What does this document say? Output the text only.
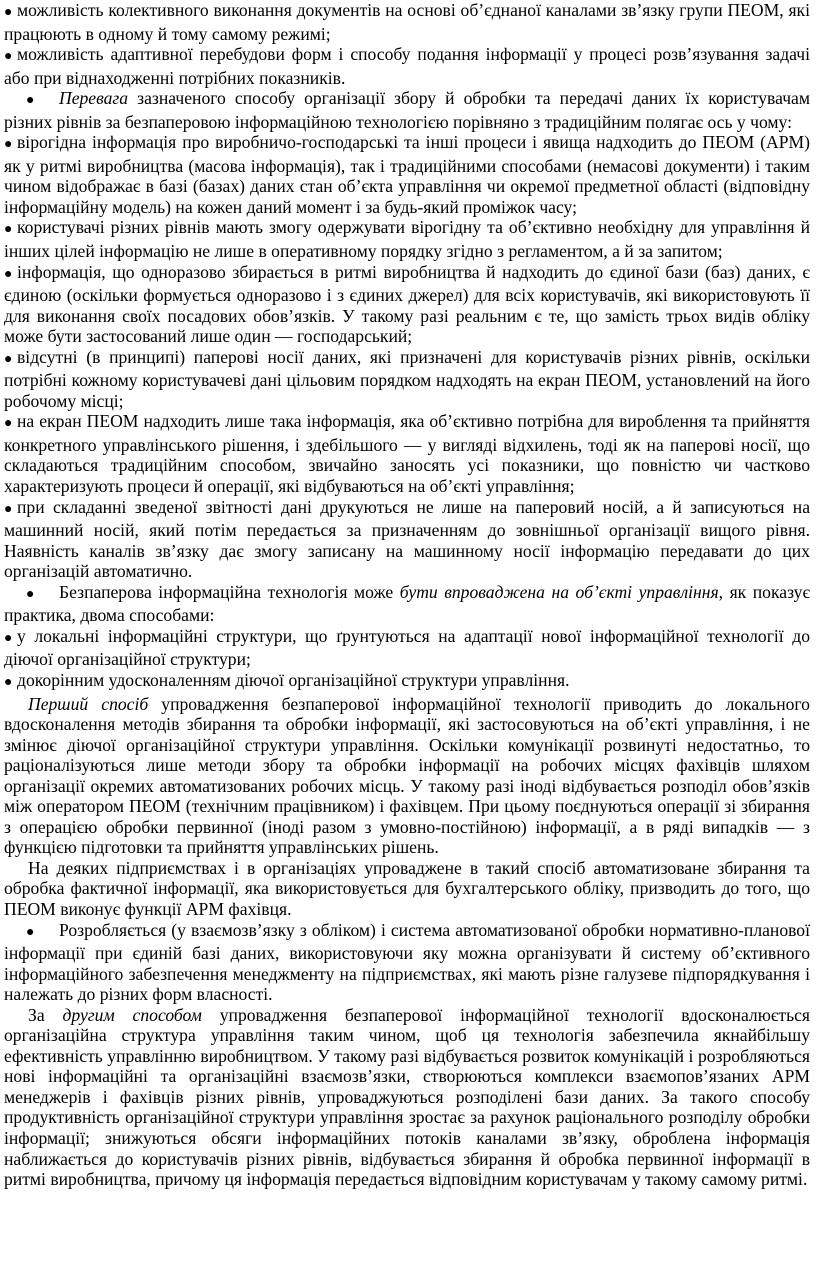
● можливість колективного виконання документів на основі об’єднаної каналами зв’язку групи ПЕОМ, які працюють в одному й тому самому режимі;

● можливість адаптивної перебудови форм і способу подання інформації у процесі розв’язування задачі або при віднаходженні потрібних показників.

● Перевага зазначеного способу організації збору й обробки та передачі даних їх користувачам різних рівнів за безпаперовою інформаційною технологією порівняно з традиційним полягає ось у чому:

● вірогідна інформація про виробничо-господарські та інші процеси і явища надходить до ПЕОМ (АРМ) як у ритмі виробництва (масова інформація), так і традиційними способами (немасові документи) і таким чином відображає в базі (базах) даних стан об’єкта управління чи окремої предметної області (відповідну інформаційну модель) на кожен даний момент і за будь-який проміжок часу;

● користувачі різних рівнів мають змогу одержувати вірогідну та об’єктивно необхідну для управління й інших цілей інформацію не лише в оперативному порядку згідно з регламентом, а й за запитом;

● інформація, що одноразово збирається в ритмі виробництва й надходить до єдиної бази (баз) даних, є єдиною (оскільки формується одноразово і з єдиних джерел) для всіх користувачів, які використовують її для виконання своїх посадових обов’язків. У такому разі реальним є те, що замість трьох видів обліку може бути застосований лише один — господарський;

● відсутні (в принципі) паперові носії даних, які призначені для користувачів різних рівнів, оскільки потрібні кожному користувачеві дані цільовим порядком надходять на екран ПЕОМ, установлений на його робочому місці;

● на екран ПЕОМ надходить лише така інформація, яка об’єктивно потрібна для вироблення та прийняття конкретного управлінського рішення, і здебільшого — у вигляді відхилень, тоді як на паперові носії, що складаються традиційним способом, звичайно заносять усі показники, що повністю чи частково характеризують процеси й операції, які відбуваються на об’єкті управління;

● при складанні зведеної звітності дані друкуються не лише на паперовий носій, а й записуються на машинний носій, який потім передається за призначенням до зовнішньої організації вищого рівня. Наявність каналів зв’язку дає змогу записану на машинному носії інформацію передавати до цих організацій автоматично.

● Безпаперова інформаційна технологія може бути впроваджена на об’єкті управління, як показує практика, двома способами:

● у локальні інформаційні структури, що ґрунтуються на адаптації нової інформаційної технології до діючої організаційної структури;

● докорінним удосконаленням діючої організаційної структури управління.

Перший спосіб упровадження безпаперової інформаційної технології приводить до локального вдосконалення методів збирання та обробки інформації, які застосовуються на об’єкті управління, і не змінює діючої організаційної структури управління. Оскільки комунікації розвинуті недостатньо, то раціоналізуються лише методи збору та обробки інформації на робочих місцях фахівців шляхом організації окремих автоматизованих робочих місць. У такому разі іноді відбувається розподіл обов’язків між оператором ПЕОМ (технічним працівником) і фахівцем. При цьому поєднуються операції зі збирання з операцією обробки первинної (іноді разом з умовно-постійною) інформації, а в ряді випадків — з функцією підготовки та прийняття управлінських рішень.

На деяких підприємствах і в організаціях упроваджене в такий спосіб автоматизоване збирання та обробка фактичної інформації, яка використовується для бухгалтерського обліку, призводить до того, що ПЕОМ виконує функції АРМ фахівця.

● Розробляється (у взаємозв’язку з обліком) і система автоматизованої обробки нормативно-планової інформації при єдиній базі даних, використовуючи яку можна організувати й систему об’єктивного інформаційного забезпечення менеджменту на підприємствах, які мають різне галузеве підпорядкування і належать до різних форм власності.

За другим способом упровадження безпаперової інформаційної технології вдосконалюється організаційна структура управління таким чином, щоб ця технологія забезпечила якнайбільшу ефективність управлінню виробництвом. У такому разі відбувається розвиток комунікацій і розробляються нові інформаційні та організаційні взаємозв’язки, створюються комплекси взаємопов’язаних АРМ менеджерів і фахівців різних рівнів, упроваджуються розподілені бази даних. За такого способу продуктивність організаційної структури управління зростає за рахунок раціонального розподілу обробки інформації; знижуються обсяги інформаційних потоків каналами зв’язку, оброблена інформація наближається до користувачів різних рівнів, відбувається збирання й обробка первинної інформації в ритмі виробництва, причому ця інформація передається відповідним користувачам у такому самому ритмі.
